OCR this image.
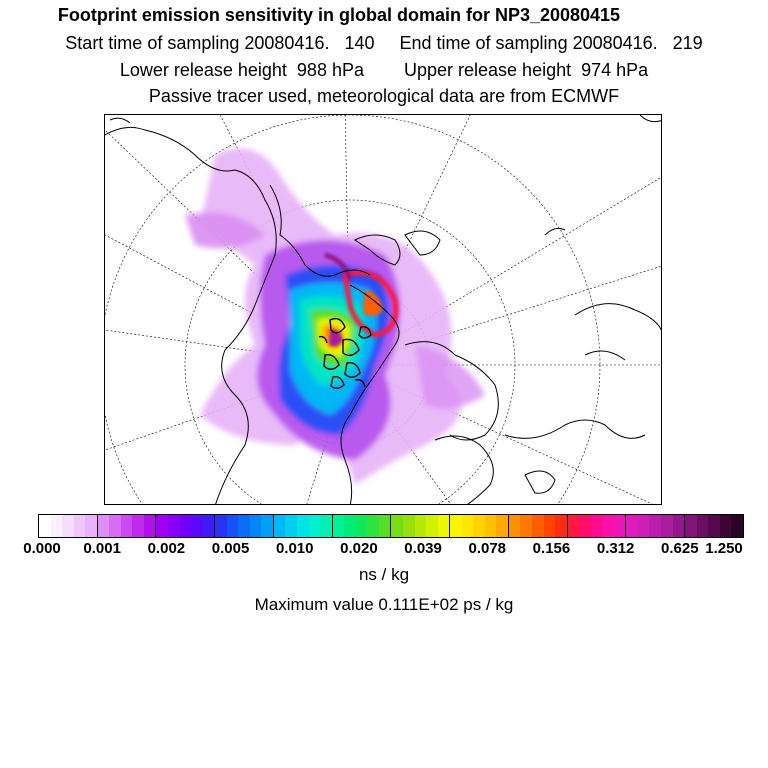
Footprint emission sensitivity in global domain for NP3_20080415
Start time of sampling 20080416.   140     End time of sampling 20080416.   219
Lower release height  988 hPa        Upper release height  974 hPa
Passive tracer used, meteorological data are from ECMWF
0.000 0.001 0.002 0.005 0.010 0.020 0.039 0.078 0.156 0.312 0.625 1.250
ns / kg
Maximum value 0.111E+02 ps / kg
